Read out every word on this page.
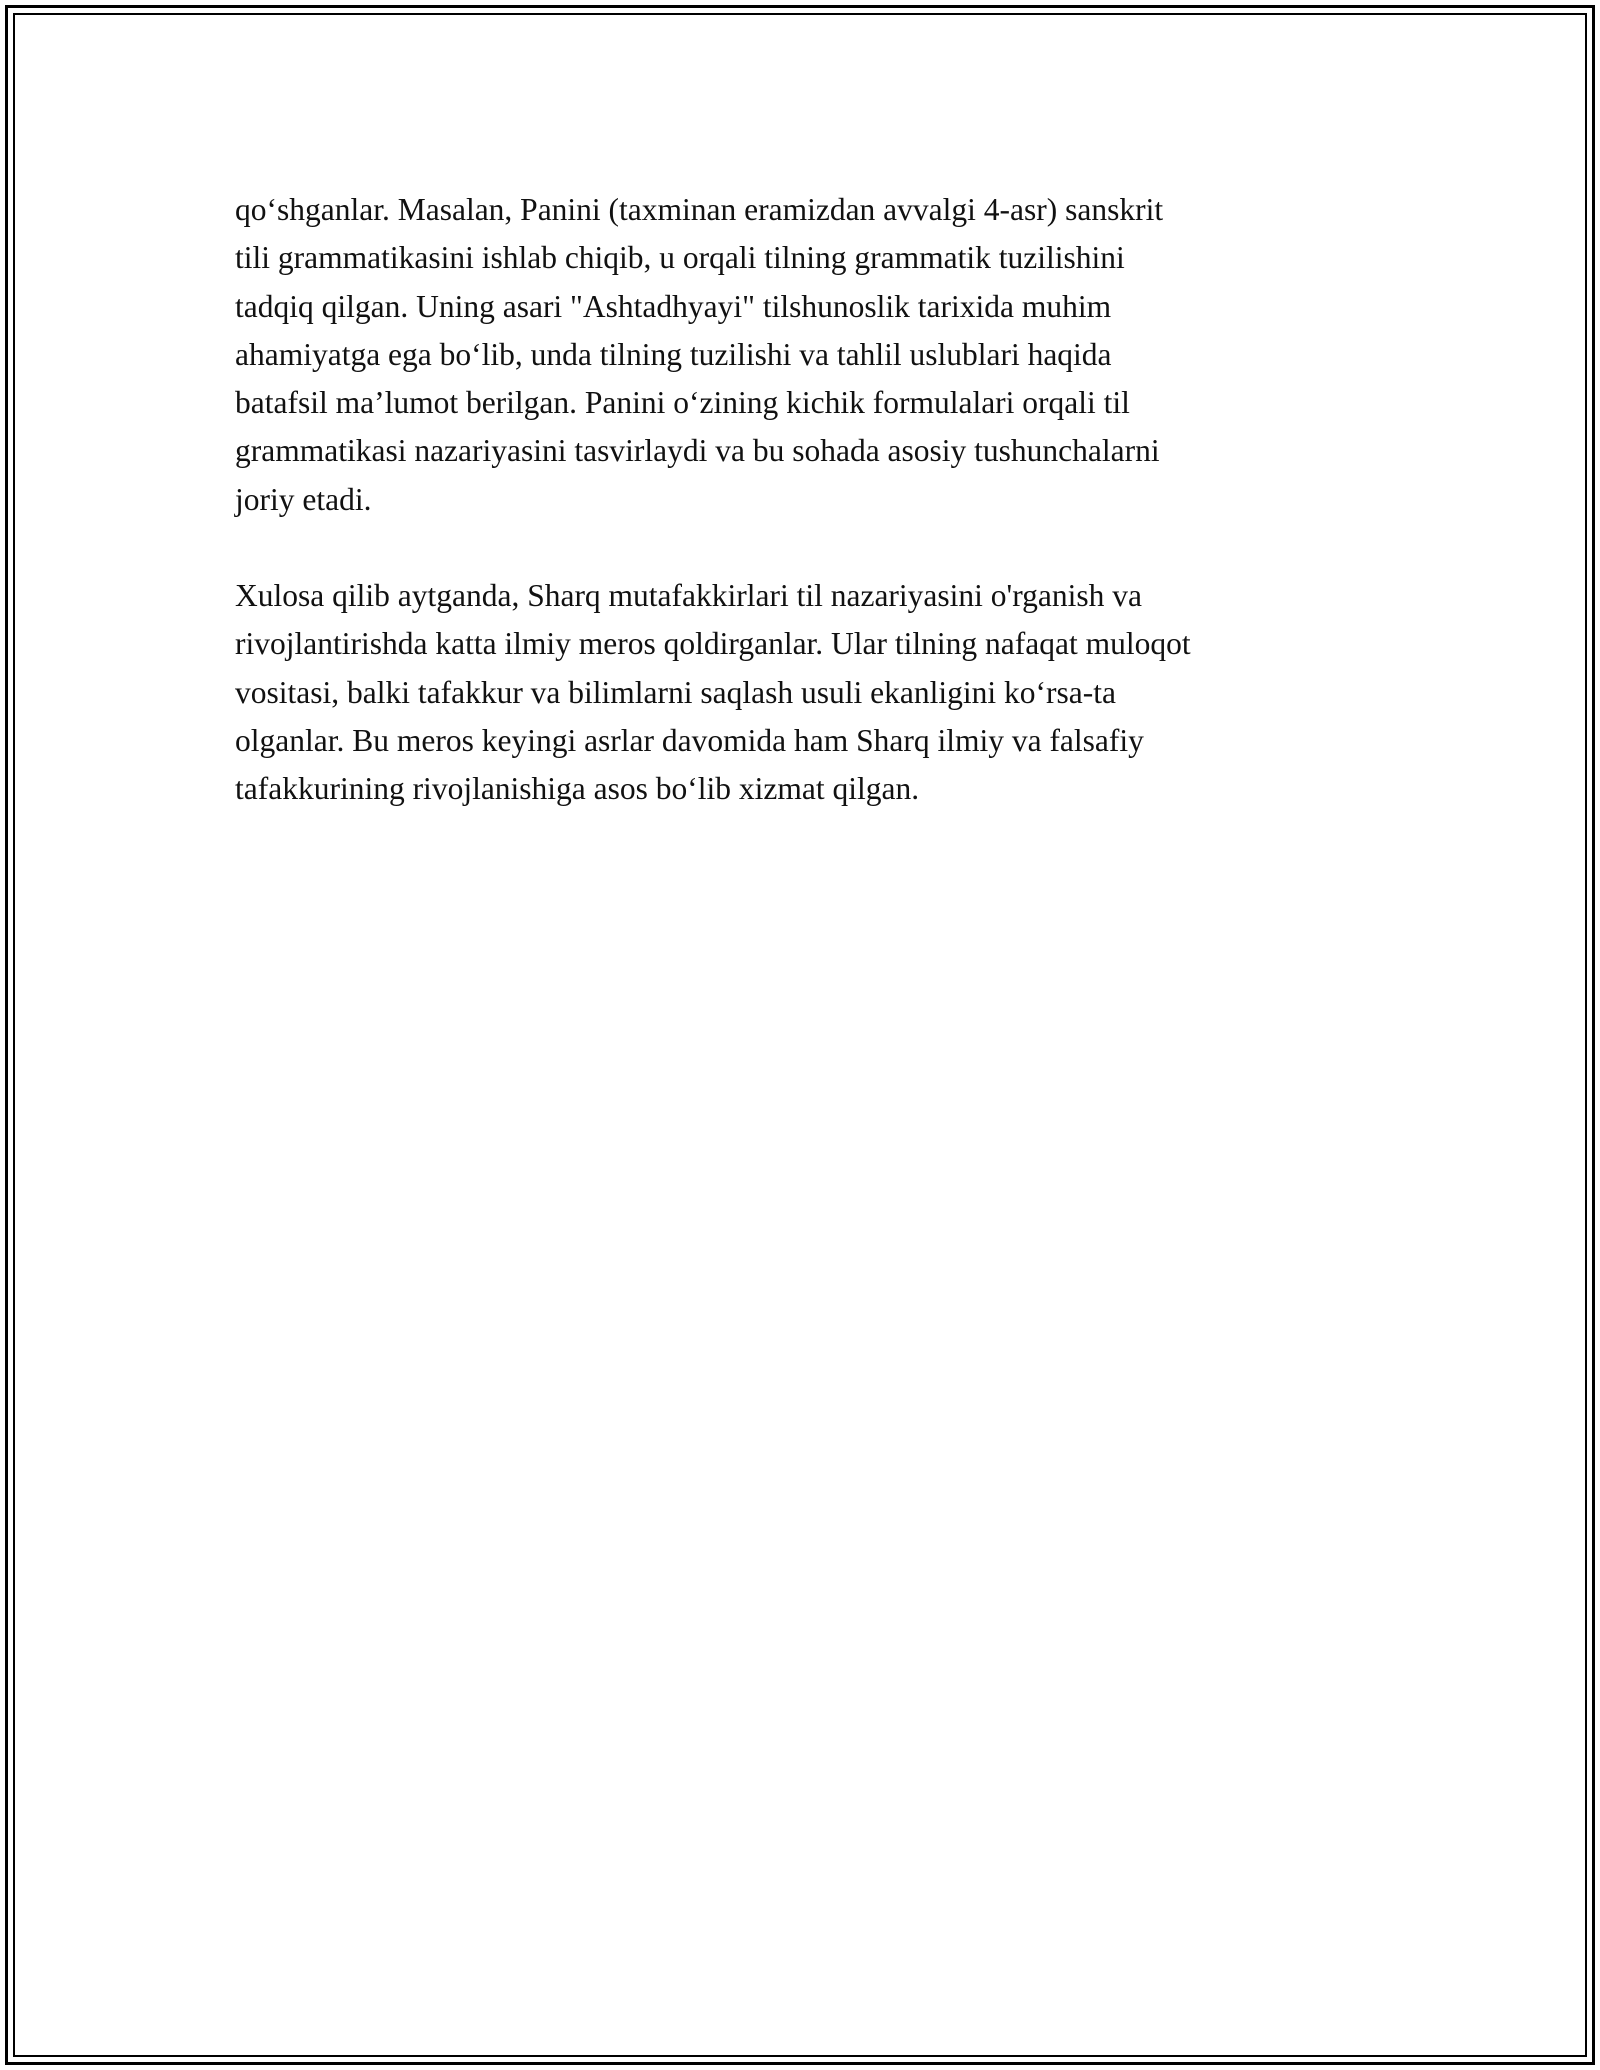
qo‘shganlar. Masalan, Panini (taxminan eramizdan avvalgi 4-asr) sanskrit
tili grammatikasini ishlab chiqib, u orqali tilning grammatik tuzilishini
tadqiq qilgan. Uning asari "Ashtadhyayi" tilshunoslik tarixida muhim
ahamiyatga ega bo‘lib, unda tilning tuzilishi va tahlil uslublari haqida
batafsil ma’lumot berilgan. Panini o‘zining kichik formulalari orqali til
grammatikasi nazariyasini tasvirlaydi va bu sohada asosiy tushunchalarni
joriy etadi.

Xulosa qilib aytganda, Sharq mutafakkirlari til nazariyasini o'rganish va
rivojlantirishda katta ilmiy meros qoldirganlar. Ular tilning nafaqat muloqot
vositasi, balki tafakkur va bilimlarni saqlash usuli ekanligini ko‘rsa-ta
olganlar. Bu meros keyingi asrlar davomida ham Sharq ilmiy va falsafiy
tafakkurining rivojlanishiga asos bo‘lib xizmat qilgan.
